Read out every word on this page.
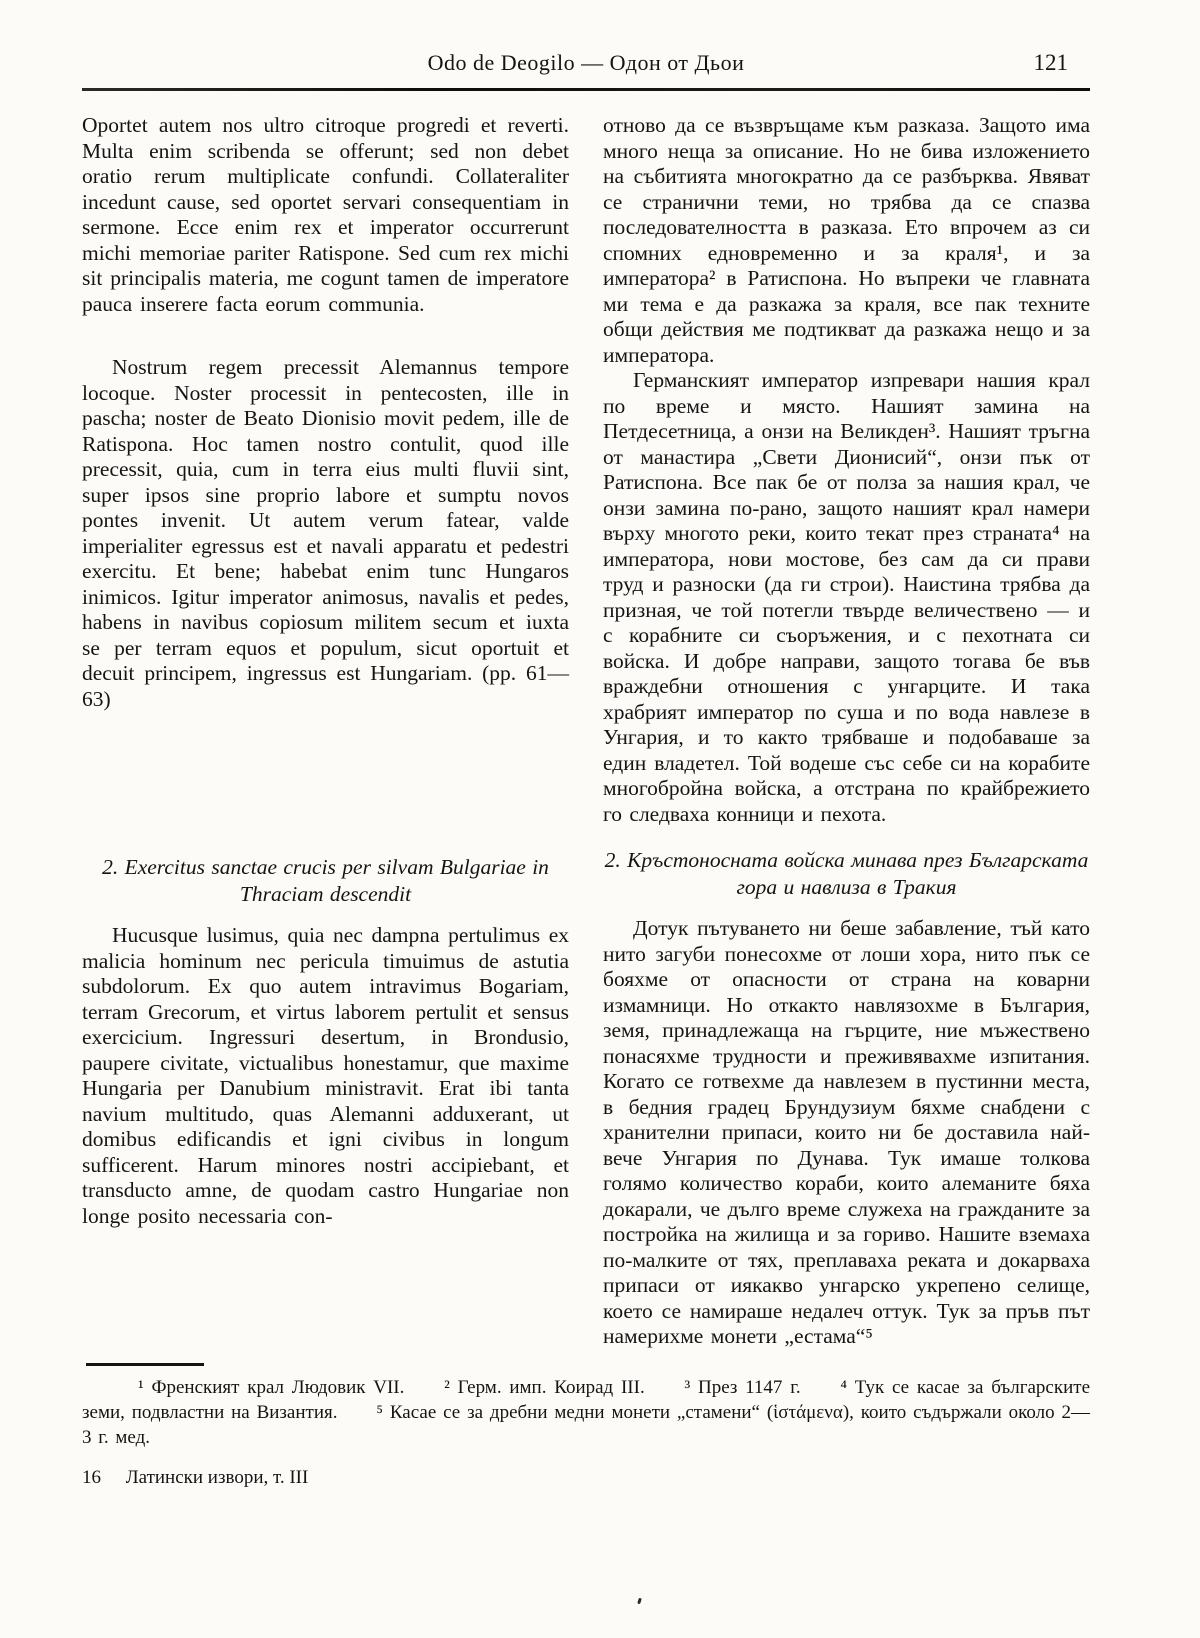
Odo de Deogilo — Одон от Дьои	121

Oportet autem nos ultro citroque progredi et reverti. Multa enim scribenda se offerunt; sed non debet oratio rerum multiplicate confundi. Collateraliter incedunt cause, sed oportet servari consequentiam in sermone. Ecce enim rex et imperator occurrerunt michi memoriae pariter Ratispone. Sed cum rex michi sit principalis materia, me cogunt tamen de imperatore pauca inserere facta eorum communia.

Nostrum regem precessit Alemannus tempore locoque. Noster processit in pentecosten, ille in pascha; noster de Beato Dionisio movit pedem, ille de Ratispona. Hoc tamen nostro contulit, quod ille precessit, quia, cum in terra eius multi fluvii sint, super ipsos sine proprio labore et sumptu novos pontes invenit. Ut autem verum fatear, valde imperialiter egressus est et navali apparatu et pedestri exercitu. Et bene; habebat enim tunc Hungaros inimicos. Igitur imperator animosus, navalis et pedes, habens in navibus copiosum militem secum et iuxta se per terram equos et populum, sicut oportuit et decuit principem, ingressus est Hungariam. (pp. 61—63)

2. Exercitus sanctae crucis per silvam Bulgariae in Thraciam descendit

Hucusque lusimus, quia nec dampna pertulimus ex malicia hominum nec pericula timuimus de astutia subdolorum. Ex quo autem intravimus Bogariam, terram Grecorum, et virtus laborem pertulit et sensus exercicium. Ingressuri desertum, in Brondusio, paupere civitate, victualibus honestamur, que maxime Hungaria per Danubium ministravit. Erat ibi tanta navium multitudo, quas Alemanni adduxerant, ut domibus edificandis et igni civibus in longum sufficerent. Harum minores nostri accipiebant, et transducto amne, de quodam castro Hungariae non longe posito necessaria con-

отново да се възвръщаме към разказа. Защото има много неща за описание. Но не бива изложението на събитията многократно да се разбърква. Явяват се странични теми, но трябва да се спазва последователността в разказа. Ето впрочем аз си спомних едновременно и за краля¹, и за императора² в Ратиспона. Но въпреки че главната ми тема е да разкажа за краля, все пак техните общи действия ме подтикват да разкажа нещо и за императора.

Германският император изпревари нашия крал по време и място. Нашият замина на Петдесетница, а онзи на Великден³. Нашият тръгна от манастира „Свети Дионисий“, онзи пък от Ратиспона. Все пак бе от полза за нашия крал, че онзи замина по-рано, защото нашият крал намери върху многото реки, които текат през страната⁴ на императора, нови мостове, без сам да си прави труд и разноски (да ги строи). Наистина трябва да призная, че той потегли твърде величествено — и с корабните си съоръжения, и с пехотната си войска. И добре направи, защото тогава бе във враждебни отношения с унгарците. И така храбрият император по суша и по вода навлезе в Унгария, и то както трябваше и подобаваше за един владетел. Той водеше със себе си на корабите многобройна войска, а отстрана по крайбрежието го следваха конници и пехота.

2. Кръстоносната войска минава през Българската гора и навлиза в Тракия

Дотук пътуването ни беше забавление, тъй като нито загуби понесохме от лоши хора, нито пък се бояхме от опасности от страна на коварни измамници. Но откакто навлязохме в България, земя, принадлежаща на гърците, ние мъжествено понасяхме трудности и преживявахме изпитания. Когато се готвехме да навлезем в пустинни места, в бедния градец Брундузиум бяхме снабдени с хранителни припаси, които ни бе доставила най-вече Унгария по Дунава. Тук имаше толкова голямо количество кораби, които алеманите бяха докарали, че дълго време служеха на гражданите за постройка на жилища и за гориво. Нашите вземаха по-малките от тях, преплаваха реката и докарваха припаси от иякакво унгарско укрепено селище, което се намираше недалеч оттук. Тук за пръв път намерихме монети „естама“⁵

¹ Френският крал Людовик VII. ² Герм. имп. Коирад III. ³ През 1147 г. ⁴ Тук се касае за българските земи, подвластни на Византия. ⁵ Касае се за дребни медни монети „стамени“ (ἱστάμενα), които съдържали около 2—3 г. мед.

16 Латински извори, т. III
